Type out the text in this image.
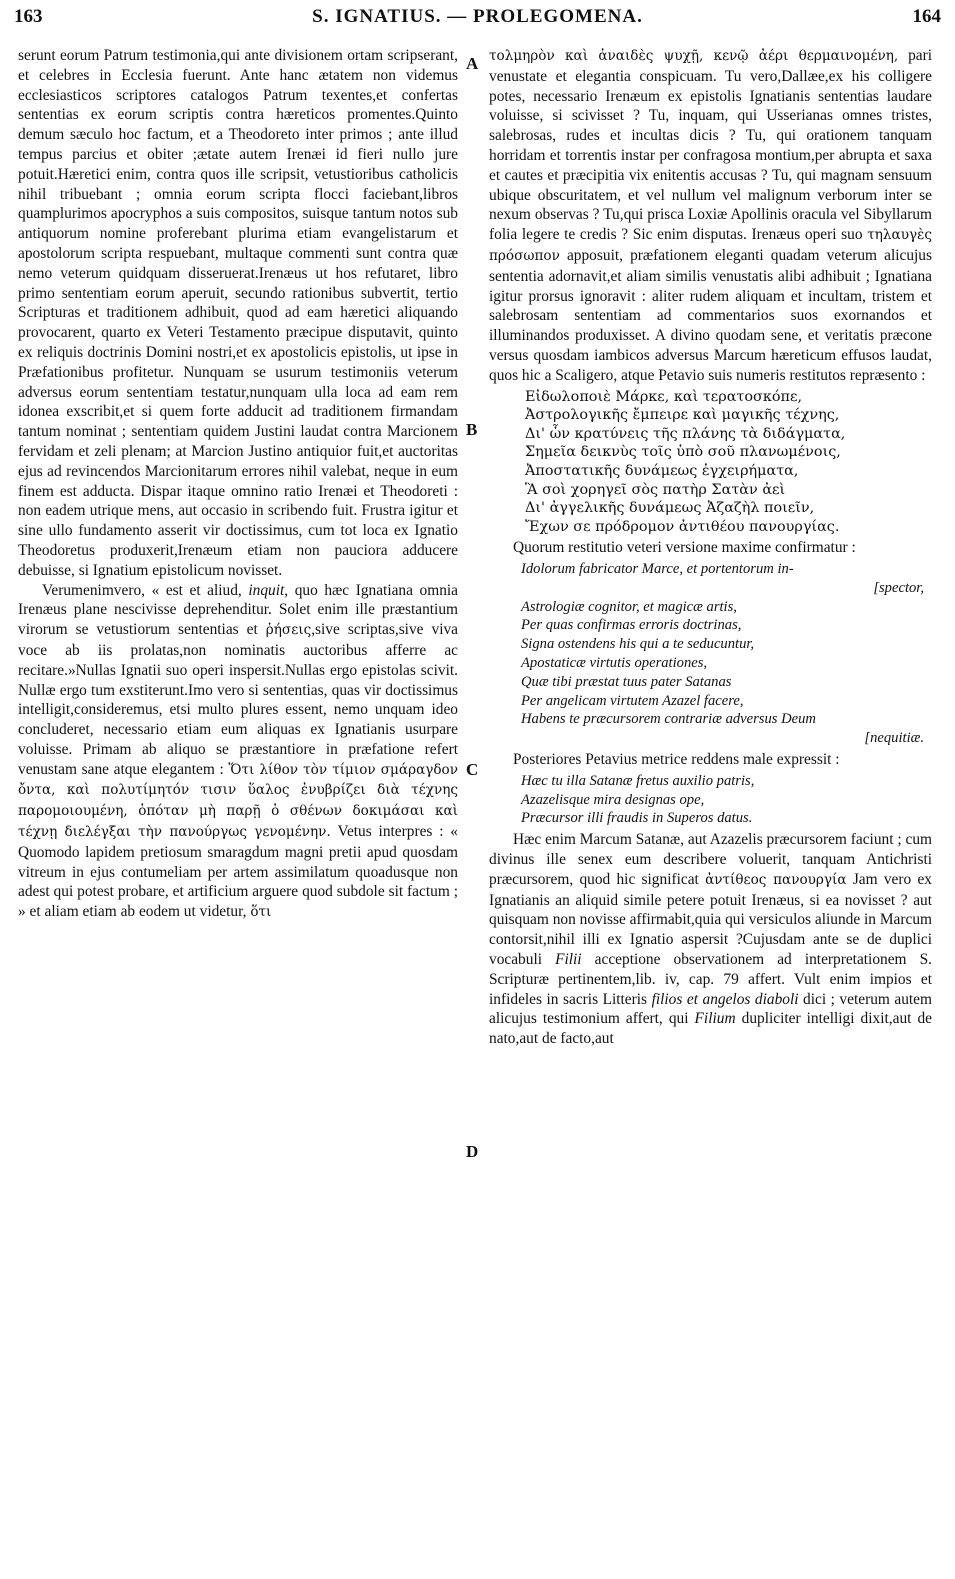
163	S. IGNATIUS. — PROLEGOMENA.	164
A
B
C
D

serunt eorum Patrum testimonia,qui ante divisionem ortam scripserant, et celebres in Ecclesia fuerunt. Ante hanc ætatem non videmus ecclesiasticos scriptores catalogos Patrum texentes,et confertas sententias ex eorum scriptis contra hæreticos promentes.Quinto demum sæculo hoc factum, et a Theodoreto inter primos ; ante illud tempus parcius et obiter ;ætate autem Irenæi id fieri nullo jure potuit.Hæretici enim, contra quos ille scripsit, vetustioribus catholicis nihil tribuebant ; omnia eorum scripta flocci faciebant,libros quamplurimos apocryphos a suis compositos, suisque tantum notos sub antiquorum nomine proferebant plurima etiam evangelistarum et apostolorum scripta respuebant, multaque commenti sunt contra quæ nemo veterum quidquam disseruerat.Irenæus ut hos refutaret, libro primo sententiam eorum aperuit, secundo rationibus subvertit, tertio Scripturas et traditionem adhibuit, quod ad eam hæretici aliquando provocarent, quarto ex Veteri Testamento præcipue disputavit, quinto ex reliquis doctrinis Domini nostri,et ex apostolicis epistolis, ut ipse in Præfationibus profitetur. Nunquam se usurum testimoniis veterum adversus eorum sententiam testatur,nunquam ulla loca ad eam rem idonea exscribit,et si quem forte adducit ad traditionem firmandam tantum nominat ; sententiam quidem Justini laudat contra Marcionem fervidam et zeli plenam; at Marcion Justino antiquior fuit,et auctoritas ejus ad revincendos Marcionitarum errores nihil valebat, neque in eum finem est adducta. Dispar itaque omnino ratio Irenæi et Theodoreti : non eadem utrique mens, aut occasio in scribendo fuit. Frustra igitur et sine ullo fundamento asserit vir doctissimus, cum tot loca ex Ignatio Theodoretus produxerit,Irenæum etiam non pauciora adducere debuisse, si Ignatium epistolicum novisset.

Verumenimvero, « est et aliud, inquit, quo hæc Ignatiana omnia Irenæus plane nescivisse deprehenditur. Solet enim ille præstantium virorum se vetustiorum sententias et ῥήσεις,sive scriptas,sive viva voce ab iis prolatas,non nominatis auctoribus afferre ac recitare.»Nullas Ignatii suo operi inspersit.Nullas ergo epistolas scivit. Nullæ ergo tum exstiterunt.Imo vero si sententias, quas vir doctissimus intelligit,consideremus, etsi multo plures essent, nemo unquam ideo concluderet, necessario etiam eum aliquas ex Ignatianis usurpare voluisse. Primam ab aliquo se præstantiore in præfatione refert venustam sane atque elegantem : Ὅτι λίθον τὸν τίμιον σμάραγδον ὄντα, καὶ πολυτίμητόν τισιν ὕαλος ἐνυβρίζει διὰ τέχνης παρομοιουμένη, ὁπόταν μὴ παρῇ ὁ σθένων δοκιμάσαι καὶ τέχνῃ διελέγξαι τὴν πανούργως γενομένην. Vetus interpres : « Quomodo lapidem pretiosum smaragdum magni pretii apud quosdam vitreum in ejus contumeliam per artem assimilatum quoadusque non adest qui potest probare, et artificium arguere quod subdole sit factum ; » et aliam etiam ab eodem ut videtur, ὅτι

τολμηρὸν καὶ ἀναιδὲς ψυχῇ, κενῷ ἀέρι θερμαινομένη, pari venustate et elegantia conspicuam. Tu vero,Dallæe,ex his colligere potes, necessario Irenæum ex epistolis Ignatianis sententias laudare voluisse, si scivisset ? Tu, inquam, qui Usserianas omnes tristes, salebrosas, rudes et incultas dicis ? Tu, qui orationem tanquam horridam et torrentis instar per confragosa montium,per abrupta et saxa et cautes et præcipitia vix enitentis accusas ? Tu, qui magnam sensuum ubique obscuritatem, et vel nullum vel malignum verborum inter se nexum observas ? Tu,qui prisca Loxiæ Apollinis oracula vel Sibyllarum folia legere te credis ? Sic enim disputas. Irenæus operi suo τηλαυγὲς πρόσωπον apposuit, præfationem eleganti quadam veterum alicujus sententia adornavit,et aliam similis venustatis alibi adhibuit ; Ignatiana igitur prorsus ignoravit : aliter rudem aliquam et incultam, tristem et salebrosam sententiam ad commentarios suos exornandos et illuminandos produxisset. A divino quodam sene, et veritatis præcone versus quosdam iambicos adversus Marcum hæreticum effusos laudat, quos hic a Scaligero, atque Petavio suis numeris restitutos repræsento :

Εἰδωλοποιὲ Μάρκε, καὶ τερατοσκόπε,
Ἀστρολογικῆς ἔμπειρε καὶ μαγικῆς τέχνης,
Δι' ὧν κρατύνεις τῆς πλάνης τὰ διδάγματα,
Σημεῖα δεικνὺς τοῖς ὑπὸ σοῦ πλανωμένοις,
Ἀποστατικῆς δυνάμεως ἐγχειρήματα,
Ἃ σοὶ χορηγεῖ σὸς πατὴρ Σατὰν ἀεὶ
Δι' ἀγγελικῆς δυνάμεως Ἀζαζὴλ ποιεῖν,
Ἔχων σε πρόδρομον ἀντιθέου πανουργίας.

Quorum restitutio veteri versione maxime confirmatur :

Idolorum fabricator Marce, et portentorum in-
[spector,
Astrologiæ cognitor, et magicæ artis,
Per quas confirmas erroris doctrinas,
Signa ostendens his qui a te seducuntur,
Apostaticæ virtutis operationes,
Quæ tibi præstat tuus pater Satanas
Per angelicam virtutem Azazel facere,
Habens te præcursorem contrariæ adversus Deum
[nequitiæ.

Posteriores Petavius metrice reddens male expressit :

Hæc tu illa Satanæ fretus auxilio patris,
Azazelisque mira designas ope,
Præcursor illi fraudis in Superos datus.

Hæc enim Marcum Satanæ, aut Azazelis præcursorem faciunt ; cum divinus ille senex eum describere voluerit, tanquam Antichristi præcursorem, quod hic significat ἀντίθεος πανουργία Jam vero ex Ignatianis an aliquid simile petere potuit Irenæus, si ea novisset ? aut quisquam non novisse affirmabit,quia qui versiculos aliunde in Marcum contorsit,nihil illi ex Ignatio aspersit ?Cujusdam ante se de duplici vocabuli Filii acceptione observationem ad interpretationem S. Scripturæ pertinentem,lib. iv, cap. 79 affert. Vult enim impios et infideles in sacris Litteris filios et angelos diaboli dici ; veterum autem alicujus testimonium affert, qui Filium dupliciter intelligi dixit,aut de nato,aut de facto,aut
